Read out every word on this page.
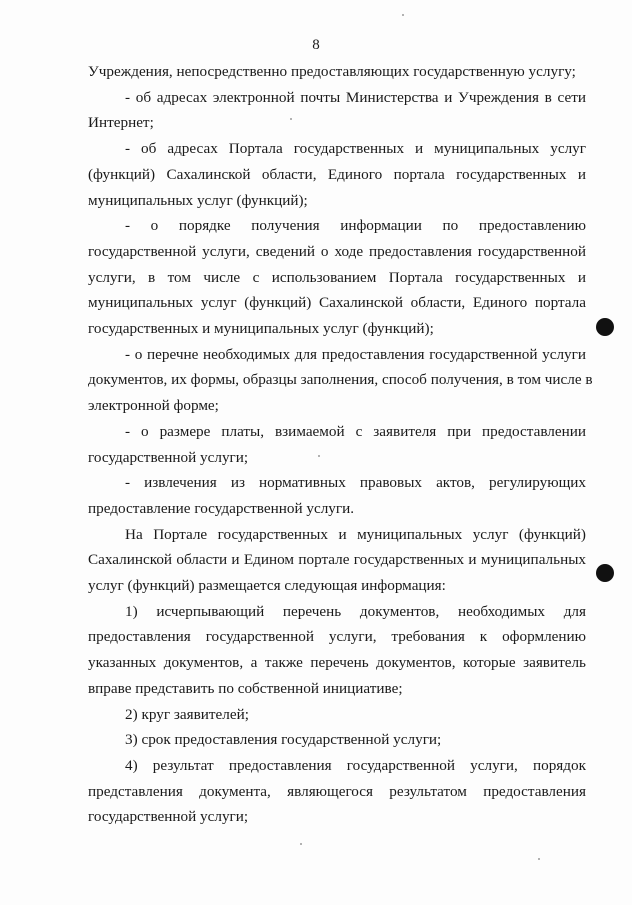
8
Учреждения, непосредственно предоставляющих государственную услугу;
- об адресах электронной почты Министерства и Учреждения в сети
Интернет;
- об адресах Портала государственных и муниципальных услуг
(функций) Сахалинской области, Единого портала государственных и
муниципальных услуг (функций);
- о порядке получения информации по предоставлению
государственной услуги, сведений о ходе предоставления государственной
услуги, в том числе с использованием Портала государственных и
муниципальных услуг (функций) Сахалинской области, Единого портала
государственных и муниципальных услуг (функций);
- о перечне необходимых для предоставления государственной услуги
документов, их формы, образцы заполнения, способ получения, в том числе в
электронной форме;
- о размере платы, взимаемой с заявителя при предоставлении
государственной услуги;
- извлечения из нормативных правовых актов, регулирующих
предоставление государственной услуги.
На Портале государственных и муниципальных услуг (функций)
Сахалинской области и Едином портале государственных и муниципальных
услуг (функций) размещается следующая информация:
1) исчерпывающий перечень документов, необходимых для
предоставления государственной услуги, требования к оформлению
указанных документов, а также перечень документов, которые заявитель
вправе представить по собственной инициативе;
2) круг заявителей;
3) срок предоставления государственной услуги;
4) результат предоставления государственной услуги, порядок
представления документа, являющегося результатом предоставления
государственной услуги;
